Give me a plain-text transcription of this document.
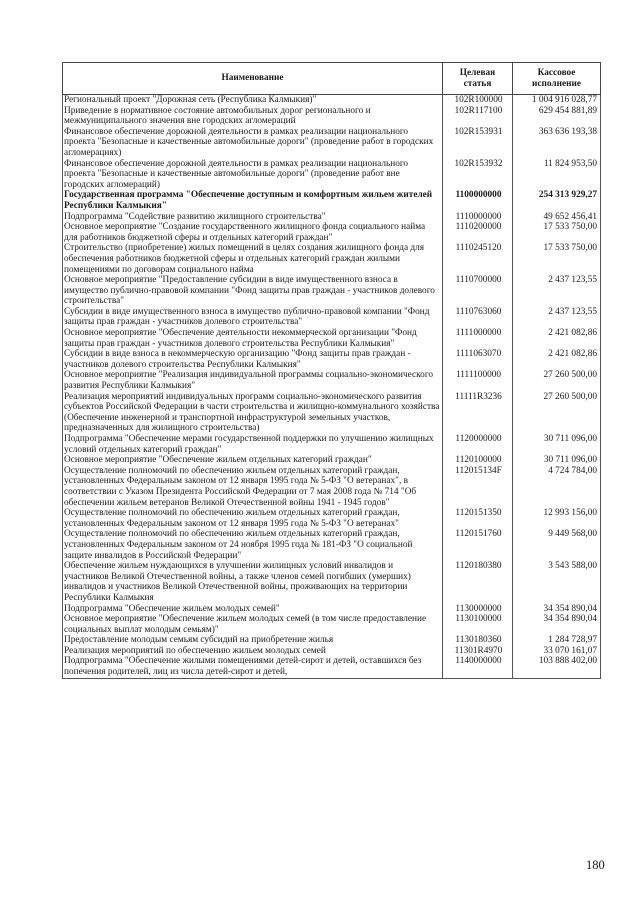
Наименование	Целевая статья	Кассовое исполнение
Региональный проект "Дорожная сеть (Республика Калмыкия)"	102R100000	1 004 916 028,77
Приведение в нормативное состояние автомобильных дорог регионального и межмуниципального значения вне городских агломераций	102R117100	629 454 881,89
Финансовое обеспечение дорожной деятельности в рамках реализации национального проекта "Безопасные и качественные автомобильные дороги" (проведение работ в городских агломерациях)	102R153931	363 636 193,38
Финансовое обеспечение дорожной деятельности в рамках реализации национального проекта "Безопасные и качественные автомобильные дороги" (проведение работ вне городских агломераций)	102R153932	11 824 953,50
Государственная программа "Обеспечение доступным и комфортным жильем жителей Республики Калмыкия"	1100000000	254 313 929,27
Подпрограмма "Содействие развитию жилищного строительства"	1110000000	49 652 456,41
Основное мероприятие "Создание государственного жилищного фонда социального найма для работников бюджетной сферы и отдельных категорий граждан"	1110200000	17 533 750,00
Строительство (приобретение) жилых помещений в целях создания жилищного фонда для обеспечения работников бюджетной сферы и отдельных категорий граждан жилыми помещениями по договорам социального найма	1110245120	17 533 750,00
Основное мероприятие "Предоставление субсидии в виде имущественного взноса в имущество публично-правовой компании "Фонд защиты прав граждан - участников долевого строительства"	1110700000	2 437 123,55
Субсидии в виде имущественного взноса в имущество публично-правовой компании "Фонд защиты прав граждан - участников долевого строительства"	1110763060	2 437 123,55
Основное мероприятие "Обеспечение деятельности некоммерческой организации "Фонд защиты прав граждан - участников долевого строительства Республики Калмыкия"	1111000000	2 421 082,86
Субсидии в виде взноса в некоммерческую организацию "Фонд защиты прав граждан - участников долевого строительства Республики Калмыкия"	1111063070	2 421 082,86
Основное мероприятие "Реализация индивидуальной программы социально-экономического развития Республики Калмыкия"	1111100000	27 260 500,00
Реализация мероприятий индивидуальных программ социально-экономического развития субъектов Российской Федерации в части строительства и жилищно-коммунального хозяйства (Обеспечение инженерной и транспортной инфраструктурой земельных участков, предназначенных для жилищного строительства)	11111R3236	27 260 500,00
Подпрограмма "Обеспечение мерами государственной поддержки по улучшению жилищных условий отдельных категорий граждан"	1120000000	30 711 096,00
Основное мероприятие "Обеспечение жильем отдельных категорий граждан"	1120100000	30 711 096,00
Осуществление полномочий по обеспечению жильем отдельных категорий граждан, установленных Федеральным законом от 12 января 1995 года № 5-ФЗ "О ветеранах", в соответствии с Указом Президента Российской Федерации от 7 мая 2008 года № 714 "Об обеспечении жильем ветеранов Великой Отечественной войны 1941 - 1945 годов"	112015134F	4 724 784,00
Осуществление полномочий по обеспечению жильем отдельных категорий граждан, установленных Федеральным законом от 12 января 1995 года № 5-ФЗ "О ветеранах"	1120151350	12 993 156,00
Осуществление полномочий по обеспечению жильем отдельных категорий граждан, установленных Федеральным законом от 24 ноября 1995 года № 181-ФЗ "О социальной защите инвалидов в Российской Федерации"	1120151760	9 449 568,00
Обеспечение жильем нуждающихся в улучшении жилищных условий инвалидов и участников Великой Отечественной войны, а также членов семей погибших (умерших) инвалидов и участников Великой Отечественной войны, проживающих на территории Республики Калмыкия	1120180380	3 543 588,00
Подпрограмма "Обеспечение жильем молодых семей"	1130000000	34 354 890,04
Основное мероприятие "Обеспечение жильем молодых семей (в том числе предоставление социальных выплат молодым семьям)"	1130100000	34 354 890,04
Предоставление молодым семьям субсидий на приобретение жилья	1130180360	1 284 728,97
Реализация мероприятий по обеспечению жильем молодых семей	11301R4970	33 070 161,07
Подпрограмма "Обеспечение жилыми помещениями детей-сирот и детей, оставшихся без попечения родителей, лиц из числа детей-сирот и детей,	1140000000	103 888 402,00
180
